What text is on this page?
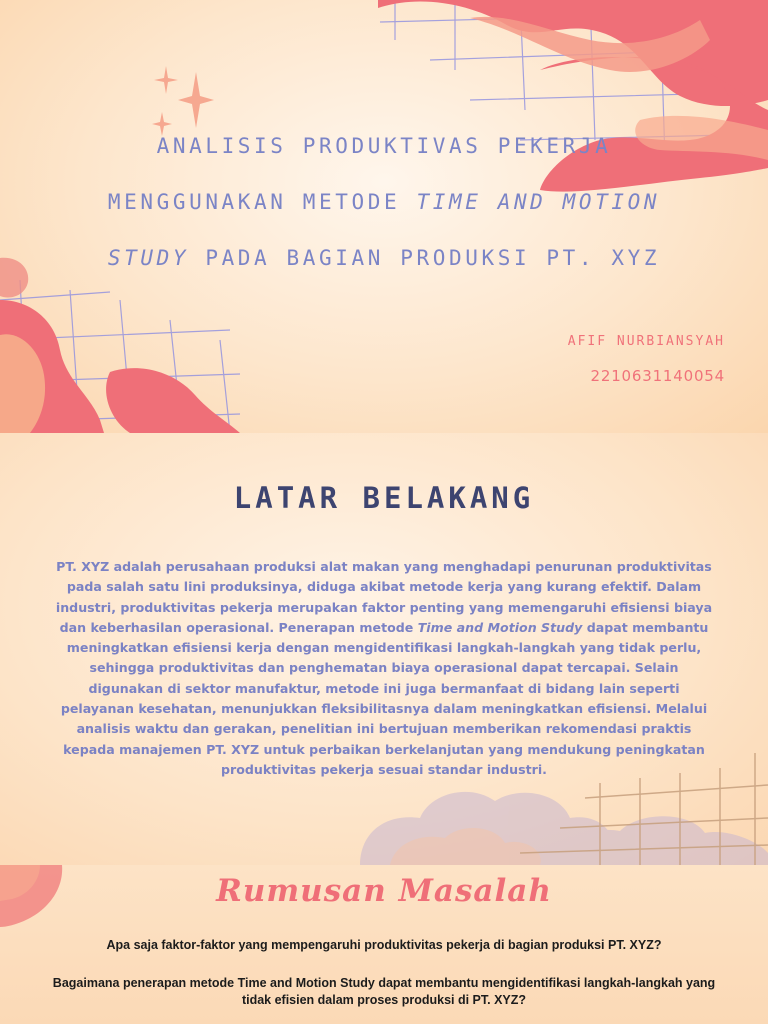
ANALISIS PRODUKTIVAS PEKERJA
MENGGUNAKAN METODE TIME AND MOTION
STUDY PADA BAGIAN PRODUKSI PT. XYZ
AFIF NURBIANSYAH
2210631140054
LATAR BELAKANG

PT. XYZ adalah perusahaan produksi alat makan yang menghadapi penurunan produktivitas pada salah satu lini produksinya, diduga akibat metode kerja yang kurang efektif. Dalam industri, produktivitas pekerja merupakan faktor penting yang memengaruhi efisiensi biaya dan keberhasilan operasional. Penerapan metode Time and Motion Study dapat membantu meningkatkan efisiensi kerja dengan mengidentifikasi langkah-langkah yang tidak perlu, sehingga produktivitas dan penghematan biaya operasional dapat tercapai. Selain digunakan di sektor manufaktur, metode ini juga bermanfaat di bidang lain seperti pelayanan kesehatan, menunjukkan fleksibilitasnya dalam meningkatkan efisiensi. Melalui analisis waktu dan gerakan, penelitian ini bertujuan memberikan rekomendasi praktis kepada manajemen PT. XYZ untuk perbaikan berkelanjutan yang mendukung peningkatan produktivitas pekerja sesuai standar industri.

Rumusan Masalah

Apa saja faktor-faktor yang mempengaruhi produktivitas pekerja di bagian produksi PT. XYZ?

Bagaimana penerapan metode Time and Motion Study dapat membantu mengidentifikasi langkah-langkah yang tidak efisien dalam proses produksi di PT. XYZ?
